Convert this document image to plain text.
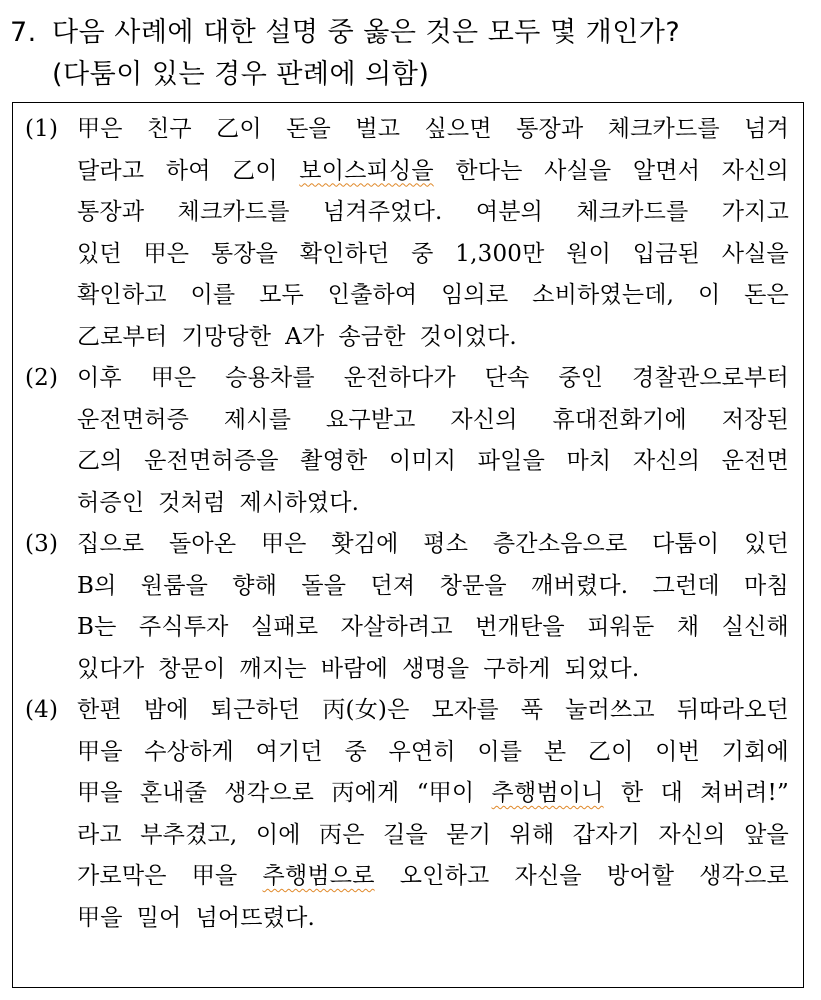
7. 다음 사례에 대한 설명 중 옳은 것은 모두 몇 개인가?
(다툼이 있는 경우 판례에 의함)
(1) 甲은 친구 乙이 돈을 벌고 싶으면 통장과 체크카드를 넘겨
달라고 하여 乙이 보이스피싱을 한다는 사실을 알면서 자신의
통장과 체크카드를 넘겨주었다. 여분의 체크카드를 가지고
있던 甲은 통장을 확인하던 중 1,300만 원이 입금된 사실을
확인하고 이를 모두 인출하여 임의로 소비하였는데, 이 돈은
乙로부터 기망당한 A가 송금한 것이었다.
(2) 이후 甲은 승용차를 운전하다가 단속 중인 경찰관으로부터
운전면허증 제시를 요구받고 자신의 휴대전화기에 저장된
乙의 운전면허증을 촬영한 이미지 파일을 마치 자신의 운전면
허증인 것처럼 제시하였다.
(3) 집으로 돌아온 甲은 홧김에 평소 층간소음으로 다툼이 있던
B의 원룸을 향해 돌을 던져 창문을 깨버렸다. 그런데 마침
B는 주식투자 실패로 자살하려고 번개탄을 피워둔 채 실신해
있다가 창문이 깨지는 바람에 생명을 구하게 되었다.
(4) 한편 밤에 퇴근하던 丙(女)은 모자를 푹 눌러쓰고 뒤따라오던
甲을 수상하게 여기던 중 우연히 이를 본 乙이 이번 기회에
甲을 혼내줄 생각으로 丙에게 “甲이 추행범이니 한 대 쳐버려!”
라고 부추겼고, 이에 丙은 길을 묻기 위해 갑자기 자신의 앞을
가로막은 甲을 추행범으로 오인하고 자신을 방어할 생각으로
甲을 밀어 넘어뜨렸다.
